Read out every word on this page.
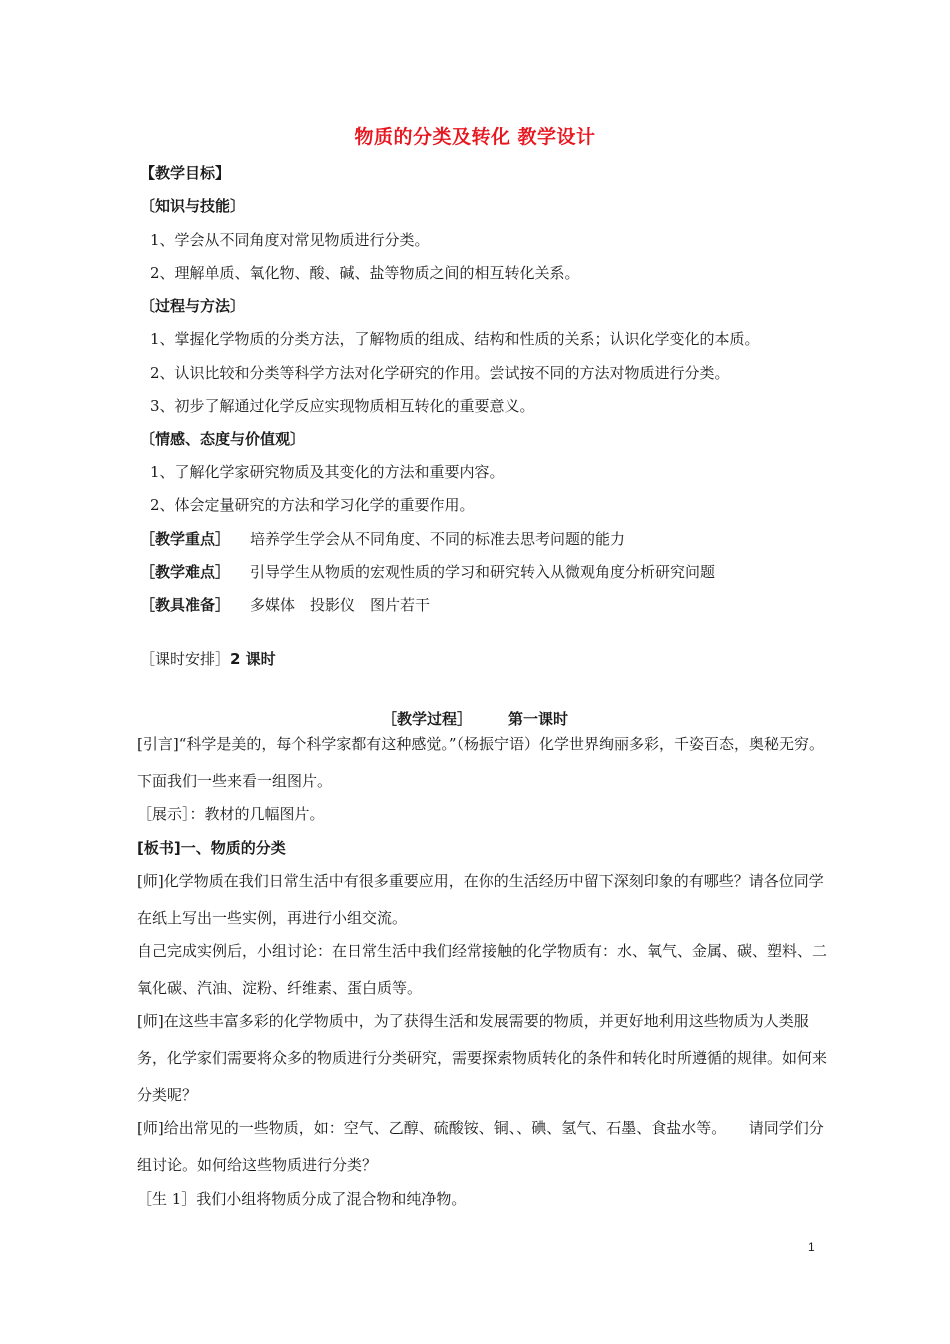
物质的分类及转化 教学设计
【教学目标】
〔知识与技能〕
1、学会从不同角度对常见物质进行分类。
2、理解单质、氧化物、酸、碱、盐等物质之间的相互转化关系。
〔过程与方法〕
1、掌握化学物质的分类方法，了解物质的组成、结构和性质的关系；认识化学变化的本质。
2、认识比较和分类等科学方法对化学研究的作用。尝试按不同的方法对物质进行分类。
3、初步了解通过化学反应实现物质相互转化的重要意义。
〔情感、态度与价值观〕
1、了解化学家研究物质及其变化的方法和重要内容。
2、体会定量研究的方法和学习化学的重要作用。
［教学重点］ 培养学生学会从不同角度、不同的标准去思考问题的能力
［教学难点］ 引导学生从物质的宏观性质的学习和研究转入从微观角度分析研究问题
［教具准备］ 多媒体　投影仪　图片若干
［课时安排］2 课时
［教学过程］ 第一课时
[引言]“科学是美的，每个科学家都有这种感觉。”（杨振宁语）化学世界绚丽多彩，千姿百态，奥秘无穷。下面我们一些来看一组图片。
［展示］：教材的几幅图片。
[板书]一、物质的分类
[师]化学物质在我们日常生活中有很多重要应用，在你的生活经历中留下深刻印象的有哪些？请各位同学在纸上写出一些实例，再进行小组交流。
自己完成实例后，小组讨论：在日常生活中我们经常接触的化学物质有：水、氧气、金属、碳、塑料、二氧化碳、汽油、淀粉、纤维素、蛋白质等。
[师]在这些丰富多彩的化学物质中，为了获得生活和发展需要的物质，并更好地利用这些物质为人类服务，化学家们需要将众多的物质进行分类研究，需要探索物质转化的条件和转化时所遵循的规律。如何来分类呢？
[师]给出常见的一些物质，如：空气、乙醇、硫酸铵、铜、、碘、氢气、石墨、食盐水等。　　请同学们分组讨论。如何给这些物质进行分类？
［生 1］我们小组将物质分成了混合物和纯净物。
1
